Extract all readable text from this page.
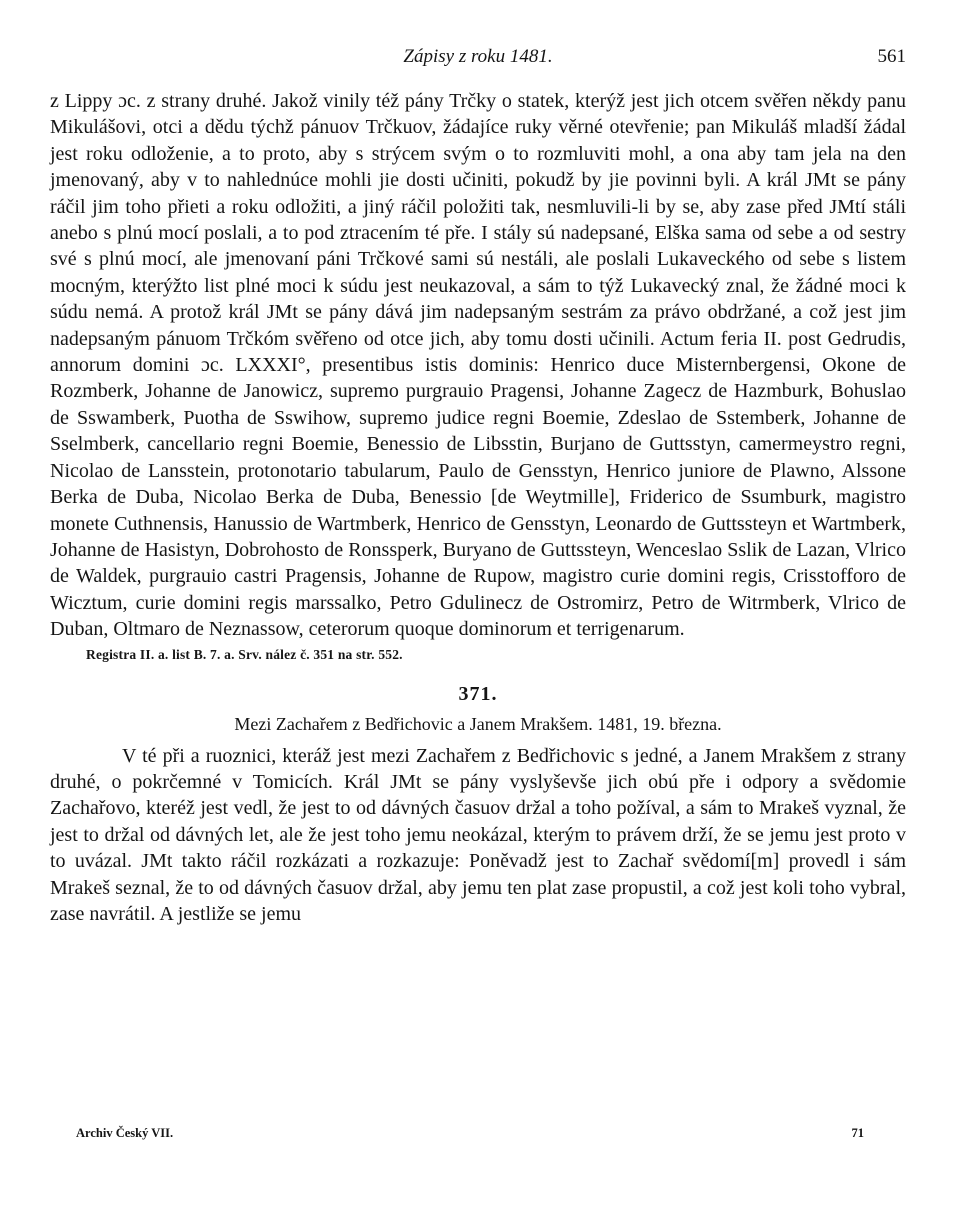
Zápisy z roku 1481.	561

z Lippy ɔc. z strany druhé. Jakož vinily též pány Trčky o statek, kterýž jest jich otcem svěřen někdy panu Mikulášovi, otci a dědu týchž pánuov Trčkuov, žádajíce ruky věrné otevřenie; pan Mikuláš mladší žádal jest roku odloženie, a to proto, aby s strýcem svým o to rozmluviti mohl, a ona aby tam jela na den jmenovaný, aby v to nahlednúce mohli jie dosti učiniti, pokudž by jie povinni byli. A král JMt se pány ráčil jim toho přieti a roku odložiti, a jiný ráčil položiti tak, nesmluvili-li by se, aby zase před JMtí stáli anebo s plnú mocí poslali, a to pod ztracením té pře. I stály sú nadepsané, Elška sama od sebe a od sestry své s plnú mocí, ale jmenovaní páni Trčkové sami sú nestáli, ale poslali Lukaveckého od sebe s listem mocným, kterýžto list plné moci k súdu jest neukazoval, a sám to týž Lukavecký znal, že žádné moci k súdu nemá. A protož král JMt se pány dává jim nadepsaným sestrám za právo obdržané, a což jest jim nadepsaným pánuom Trčkóm svěřeno od otce jich, aby tomu dosti učinili. Actum feria II. post Gedrudis, annorum domini ɔc. LXXXI°, presentibus istis dominis: Henrico duce Misternbergensi, Okone de Rozmberk, Johanne de Janowicz, supremo purgrauio Pragensi, Johanne Zagecz de Hazmburk, Bohuslao de Sswamberk, Puotha de Sswihow, supremo judice regni Boemie, Zdeslao de Sstemberk, Johanne de Sselmberk, cancellario regni Boemie, Benessio de Libsstin, Burjano de Guttsstyn, camermeystro regni, Nicolao de Lansstein, protonotario tabularum, Paulo de Gensstyn, Henrico juniore de Plawno, Alssone Berka de Duba, Nicolao Berka de Duba, Benessio [de Weytmille], Friderico de Ssumburk, magistro monete Cuthnensis, Hanussio de Wartmberk, Henrico de Gensstyn, Leonardo de Guttssteyn et Wartmberk, Johanne de Hasistyn, Dobrohosto de Ronssperk, Buryano de Guttssteyn, Wenceslao Sslik de Lazan, Vlrico de Waldek, purgrauio castri Pragensis, Johanne de Rupow, magistro curie domini regis, Crisstofforo de Wicztum, curie domini regis marssalko, Petro Gdulinecz de Ostromirz, Petro de Witrmberk, Vlrico de Duban, Oltmaro de Neznassow, ceterorum quoque dominorum et terrigenarum.

Registra II. a. list B. 7. a. Srv. nález č. 351 na str. 552.
371.
Mezi Zachařem z Bedřichovic a Janem Mrakšem. 1481, 19. března.

V té při a ruoznici, kteráž jest mezi Zachařem z Bedřichovic s jedné, a Janem Mrakšem z strany druhé, o pokrčemné v Tomicích. Král JMt se pány vyslyševše jich obú pře i odpory a svědomie Zachařovo, kteréž jest vedl, že jest to od dávných časuov držal a toho požíval, a sám to Mrakeš vyznal, že jest to držal od dávných let, ale že jest toho jemu neokázal, kterým to právem drží, že se jemu jest proto v to uvázal. JMt takto ráčil rozkázati a rozkazuje: Poněvadž jest to Zachař svědomí[m] provedl i sám Mrakeš seznal, že to od dávných časuov držal, aby jemu ten plat zase propustil, a což jest koli toho vybral, zase navrátil. A jestliže se jemu

Archiv Český VII.	71
